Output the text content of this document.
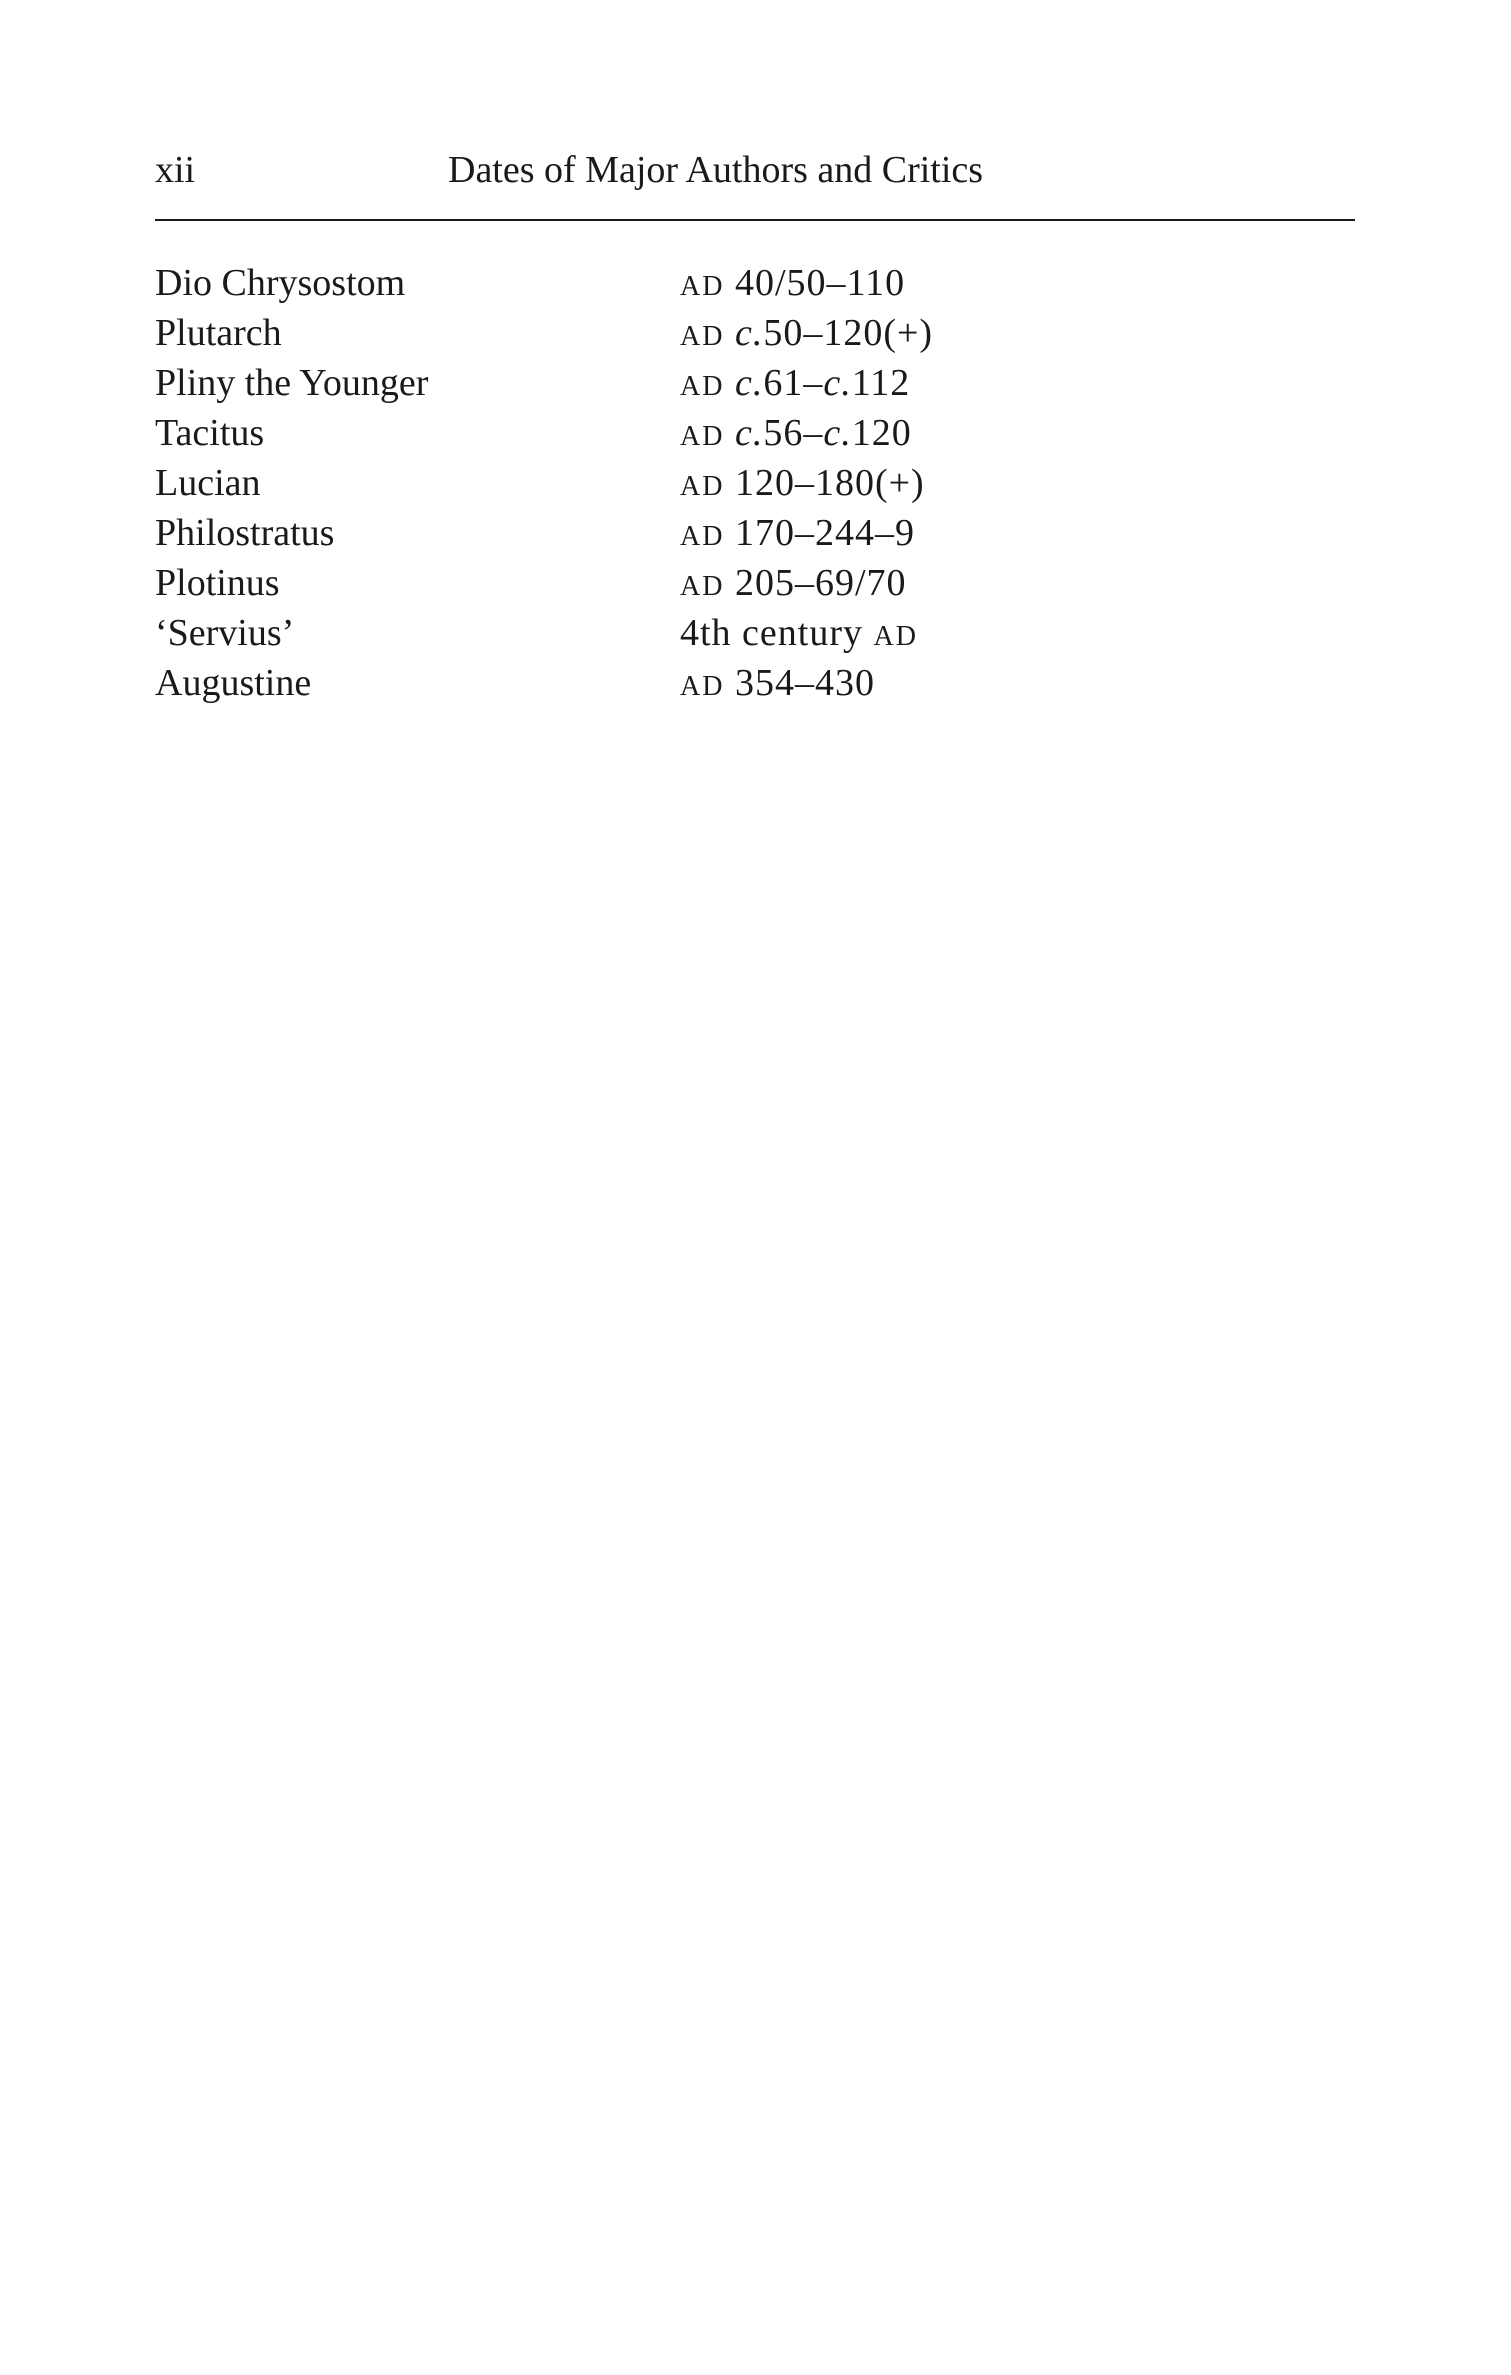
xii	Dates of Major Authors and Critics
Dio Chrysostom	AD 40/50–110
Plutarch	AD c.50–120(+)
Pliny the Younger	AD c.61–c.112
Tacitus	AD c.56–c.120
Lucian	AD 120–180(+)
Philostratus	AD 170–244–9
Plotinus	AD 205–69/70
‘Servius’	4th century AD
Augustine	AD 354–430
